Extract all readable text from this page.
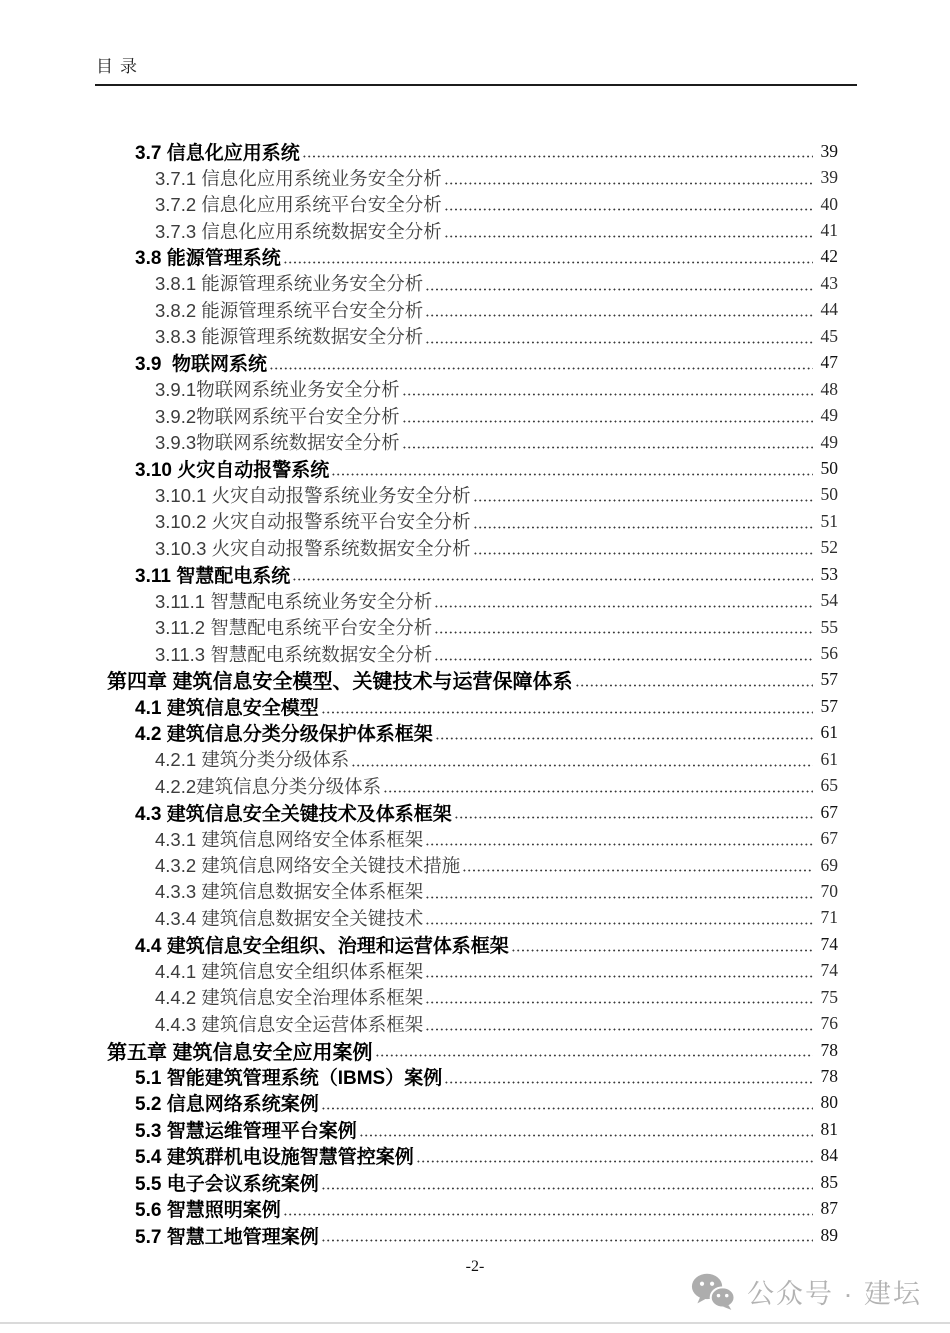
目录
3.7 信息化应用系统	39
3.7.1 信息化应用系统业务安全分析	39
3.7.2 信息化应用系统平台安全分析	40
3.7.3 信息化应用系统数据安全分析	41
3.8 能源管理系统	42
3.8.1 能源管理系统业务安全分析	43
3.8.2 能源管理系统平台安全分析	44
3.8.3 能源管理系统数据安全分析	45
3.9  物联网系统	47
3.9.1物联网系统业务安全分析	48
3.9.2物联网系统平台安全分析	49
3.9.3物联网系统数据安全分析	49
3.10 火灾自动报警系统	50
3.10.1 火灾自动报警系统业务安全分析	50
3.10.2 火灾自动报警系统平台安全分析	51
3.10.3 火灾自动报警系统数据安全分析	52
3.11 智慧配电系统	53
3.11.1 智慧配电系统业务安全分析	54
3.11.2 智慧配电系统平台安全分析	55
3.11.3 智慧配电系统数据安全分析	56
第四章 建筑信息安全模型、关键技术与运营保障体系	57
4.1 建筑信息安全模型	57
4.2 建筑信息分类分级保护体系框架	61
4.2.1 建筑分类分级体系	61
4.2.2建筑信息分类分级体系	65
4.3 建筑信息安全关键技术及体系框架	67
4.3.1 建筑信息网络安全体系框架	67
4.3.2 建筑信息网络安全关键技术措施	69
4.3.3 建筑信息数据安全体系框架	70
4.3.4 建筑信息数据安全关键技术	71
4.4 建筑信息安全组织、治理和运营体系框架	74
4.4.1 建筑信息安全组织体系框架	74
4.4.2 建筑信息安全治理体系框架	75
4.4.3 建筑信息安全运营体系框架	76
第五章 建筑信息安全应用案例	78
5.1 智能建筑管理系统（IBMS）案例	78
5.2 信息网络系统案例	80
5.3 智慧运维管理平台案例	81
5.4 建筑群机电设施智慧管控案例	84
5.5 电子会议系统案例	85
5.6 智慧照明案例	87
5.7 智慧工地管理案例	89
-2-
公众号 · 建坛
